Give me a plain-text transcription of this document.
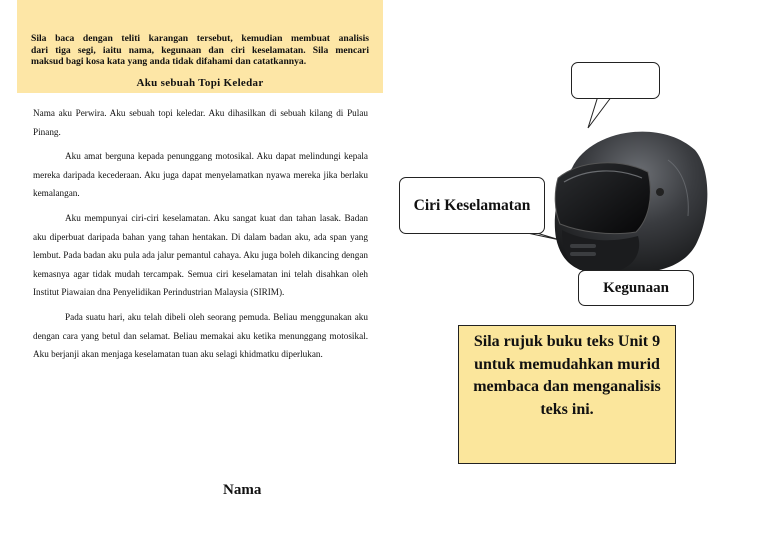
Sila baca dengan teliti karangan tersebut, kemudian membuat analisis
dari tiga segi, iaitu nama, kegunaan dan ciri keselamatan. Sila mencari
maksud bagi kosa kata yang anda tidak difahami dan catatkannya.
Aku sebuah Topi Keledar

Nama aku Perwira. Aku sebuah topi keledar. Aku dihasilkan di sebuah kilang di Pulau Pinang.

Aku amat berguna kepada penunggang motosikal. Aku dapat melindungi kepala mereka daripada kecederaan. Aku juga dapat menyelamatkan nyawa mereka jika berlaku kemalangan.

Aku mempunyai ciri-ciri keselamatan. Aku sangat kuat dan tahan lasak. Badan aku diperbuat daripada bahan yang tahan hentakan. Di dalam badan aku, ada span yang lembut. Pada badan aku pula ada jalur pemantul cahaya. Aku juga boleh dikancing dengan kemasnya agar tidak mudah tercampak. Semua ciri keselamatan ini telah disahkan oleh Institut Piawaian dna Penyelidikan Perindustrian Malaysia (SIRIM).

Pada suatu hari, aku telah dibeli oleh seorang pemuda. Beliau menggunakan aku dengan cara yang betul dan selamat. Beliau memakai aku ketika menunggang motosikal. Aku berjanji akan menjaga keselamatan tuan aku selagi khidmatku diperlukan.

Nama
Ciri Keselamatan
Kegunaan
Sila rujuk buku teks Unit 9 untuk memudahkan murid membaca dan menganalisis teks ini.
